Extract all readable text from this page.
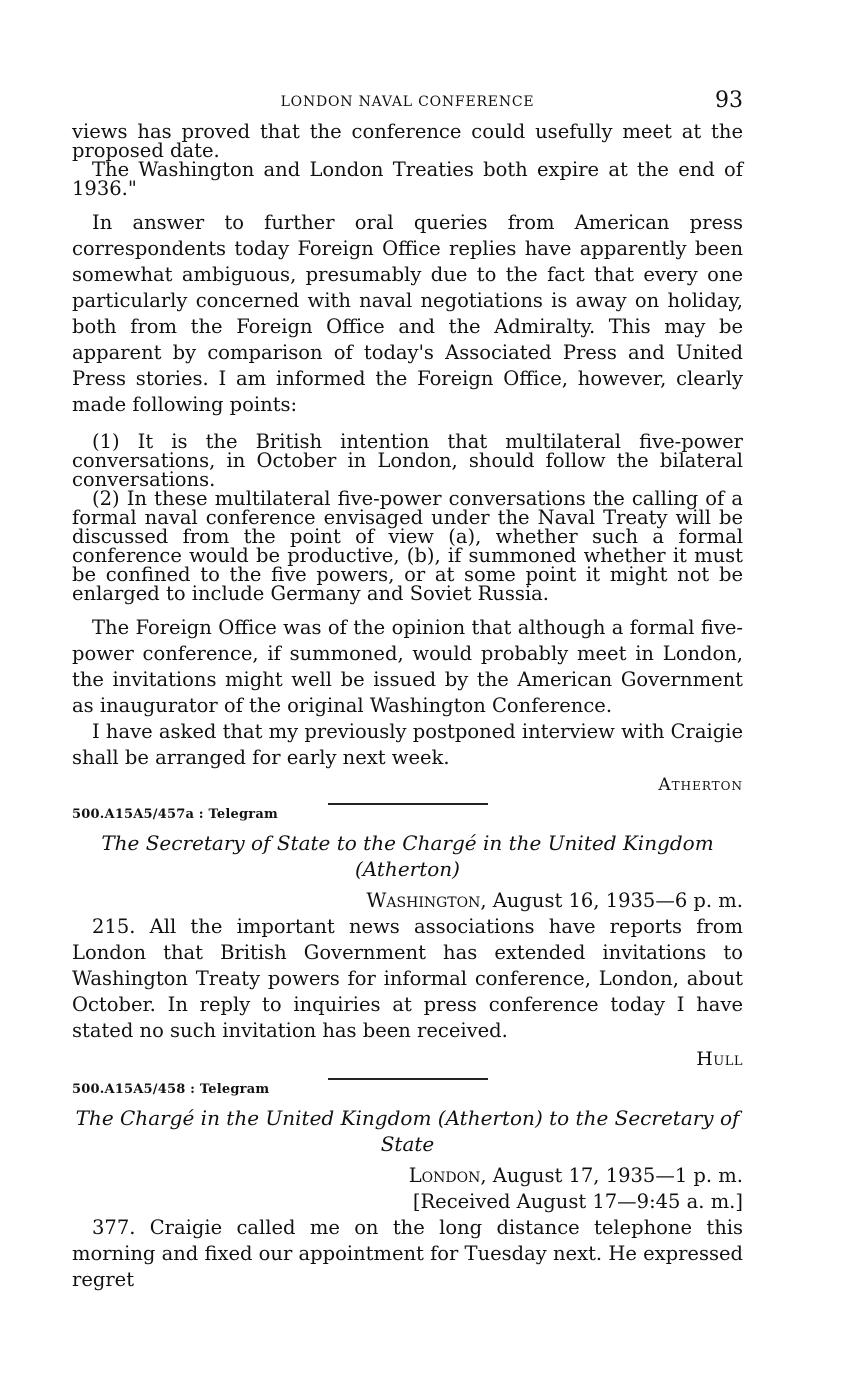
LONDON NAVAL CONFERENCE	93

views has proved that the conference could usefully meet at the proposed date.

The Washington and London Treaties both expire at the end of 1936."

In answer to further oral queries from American press correspondents today Foreign Office replies have apparently been somewhat ambiguous, presumably due to the fact that every one particularly concerned with naval negotiations is away on holiday, both from the Foreign Office and the Admiralty. This may be apparent by comparison of today's Associated Press and United Press stories. I am informed the Foreign Office, however, clearly made following points:

(1) It is the British intention that multilateral five-power conversations, in October in London, should follow the bilateral conversations.

(2) In these multilateral five-power conversations the calling of a formal naval conference envisaged under the Naval Treaty will be discussed from the point of view (a), whether such a formal conference would be productive, (b), if summoned whether it must be confined to the five powers, or at some point it might not be enlarged to include Germany and Soviet Russia.

The Foreign Office was of the opinion that although a formal five-power conference, if summoned, would probably meet in London, the invitations might well be issued by the American Government as inaugurator of the original Washington Conference.

I have asked that my previously postponed interview with Craigie shall be arranged for early next week.

Atherton
500.A15A5/457a : Telegram
The Secretary of State to the Chargé in the United Kingdom (Atherton)
Washington, August 16, 1935—6 p. m.

215. All the important news associations have reports from London that British Government has extended invitations to Washington Treaty powers for informal conference, London, about October. In reply to inquiries at press conference today I have stated no such invitation has been received.

Hull
500.A15A5/458 : Telegram
The Chargé in the United Kingdom (Atherton) to the Secretary of State
London, August 17, 1935—1 p. m.
[Received August 17—9:45 a. m.]

377. Craigie called me on the long distance telephone this morning and fixed our appointment for Tuesday next. He expressed regret
